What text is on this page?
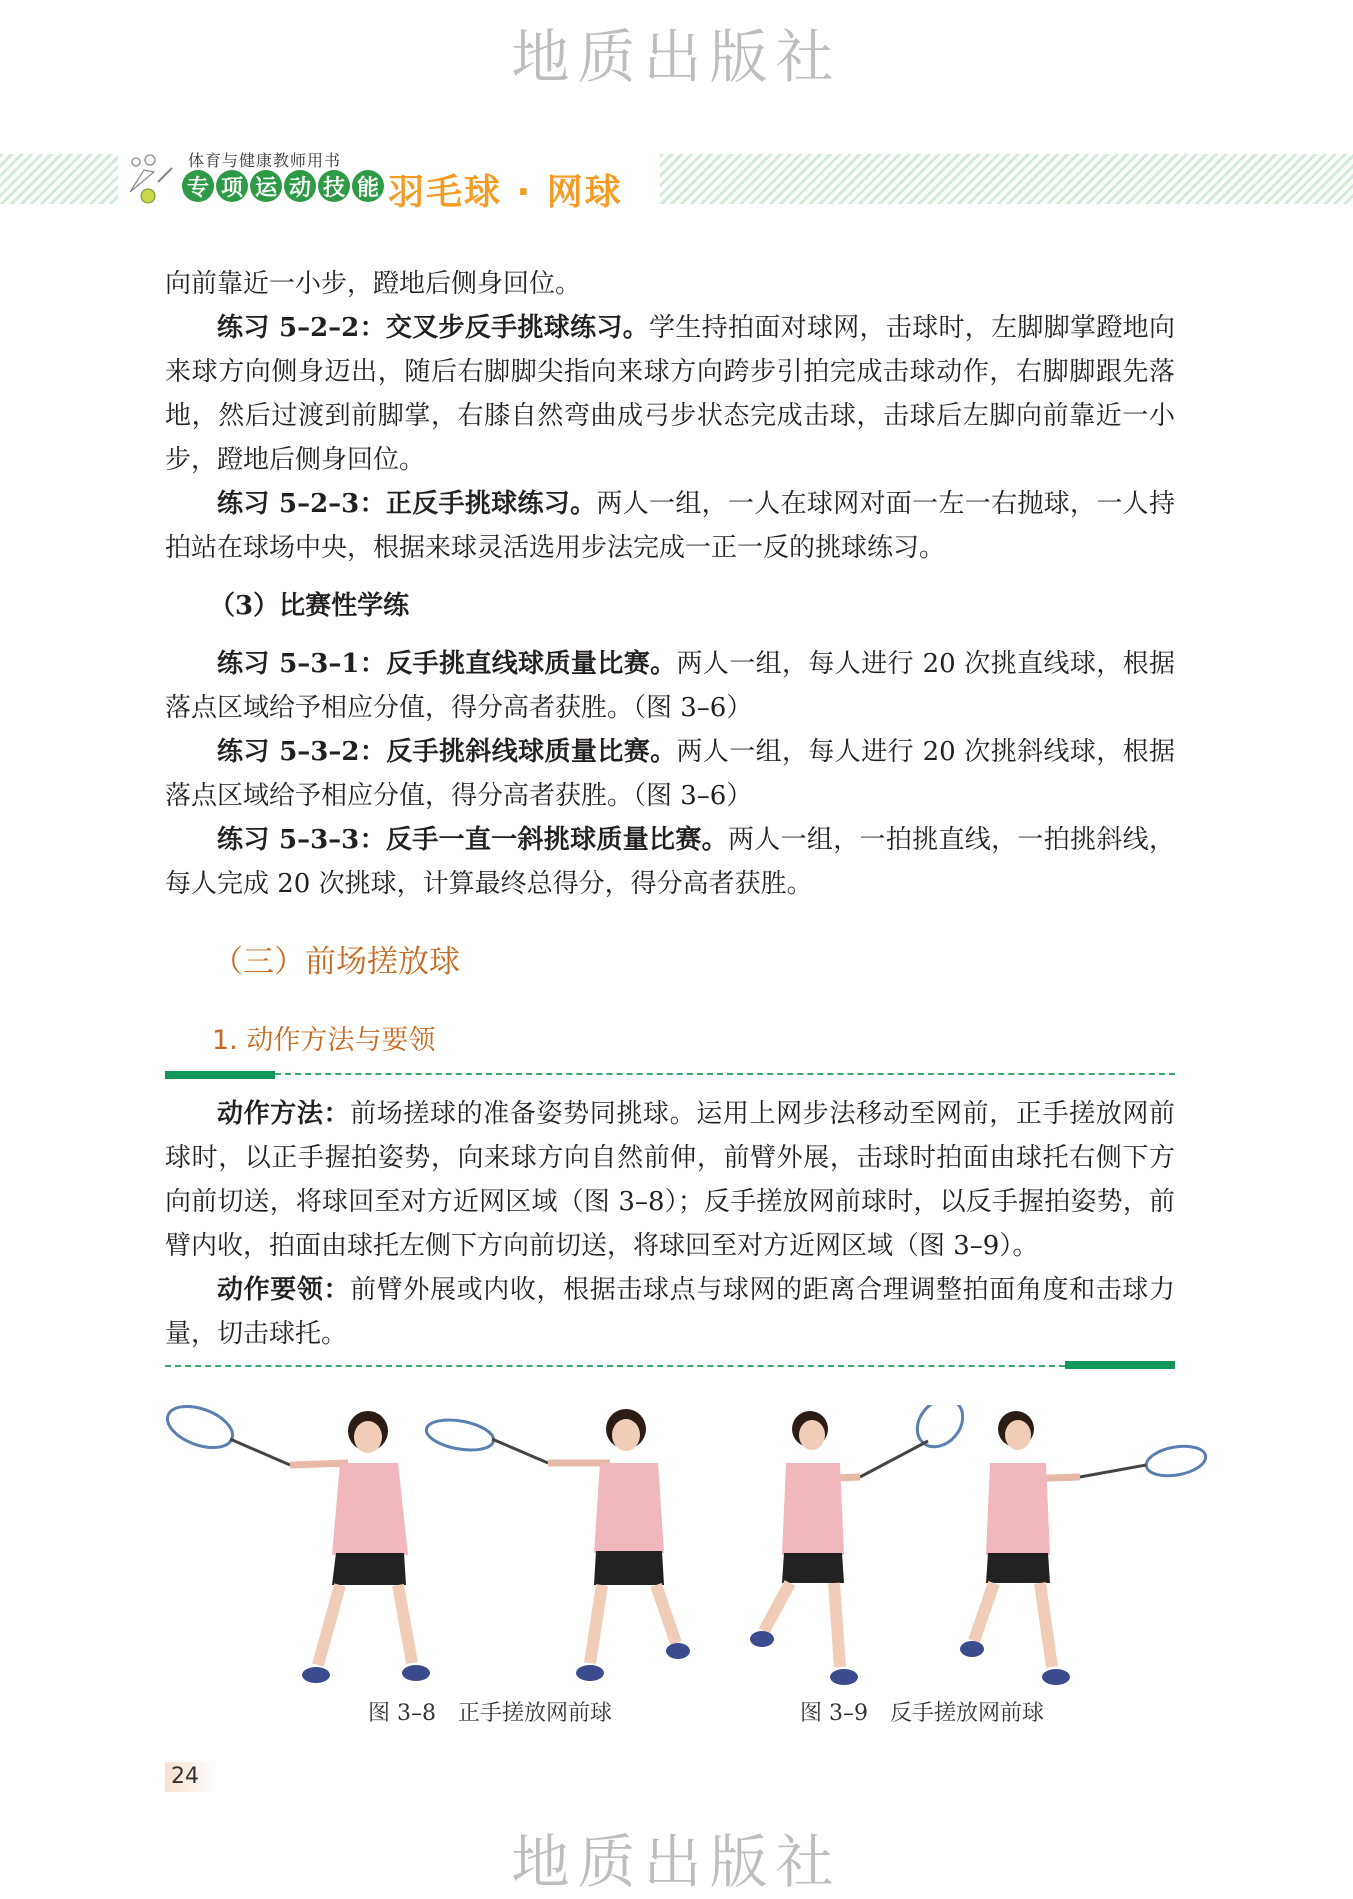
地质出版社
体育与健康教师用书
专 项 运 动 技 能 羽毛球 · 网球

向前靠近一小步，蹬地后侧身回位。

练习 5–2–2：交叉步反手挑球练习。学生持拍面对球网，击球时，左脚脚掌蹬地向来球方向侧身迈出，随后右脚脚尖指向来球方向跨步引拍完成击球动作，右脚脚跟先落地，然后过渡到前脚掌，右膝自然弯曲成弓步状态完成击球，击球后左脚向前靠近一小步，蹬地后侧身回位。

练习 5–2–3：正反手挑球练习。两人一组，一人在球网对面一左一右抛球，一人持拍站在球场中央，根据来球灵活选用步法完成一正一反的挑球练习。

（3）比赛性学练

练习 5–3–1：反手挑直线球质量比赛。两人一组，每人进行 20 次挑直线球，根据落点区域给予相应分值，得分高者获胜。（图 3–6）

练习 5–3–2：反手挑斜线球质量比赛。两人一组，每人进行 20 次挑斜线球，根据落点区域给予相应分值，得分高者获胜。（图 3–6）

练习 5–3–3：反手一直一斜挑球质量比赛。两人一组，一拍挑直线，一拍挑斜线，每人完成 20 次挑球，计算最终总得分，得分高者获胜。

（三）前场搓放球
1. 动作方法与要领

动作方法：前场搓球的准备姿势同挑球。运用上网步法移动至网前，正手搓放网前球时，以正手握拍姿势，向来球方向自然前伸，前臂外展，击球时拍面由球托右侧下方向前切送，将球回至对方近网区域（图 3–8）；反手搓放网前球时，以反手握拍姿势，前臂内收，拍面由球托左侧下方向前切送，将球回至对方近网区域（图 3–9）。

动作要领：前臂外展或内收，根据击球点与球网的距离合理调整拍面角度和击球力量，切击球托。

图 3–8　正手搓放网前球	图 3–9　反手搓放网前球
24
地质出版社
